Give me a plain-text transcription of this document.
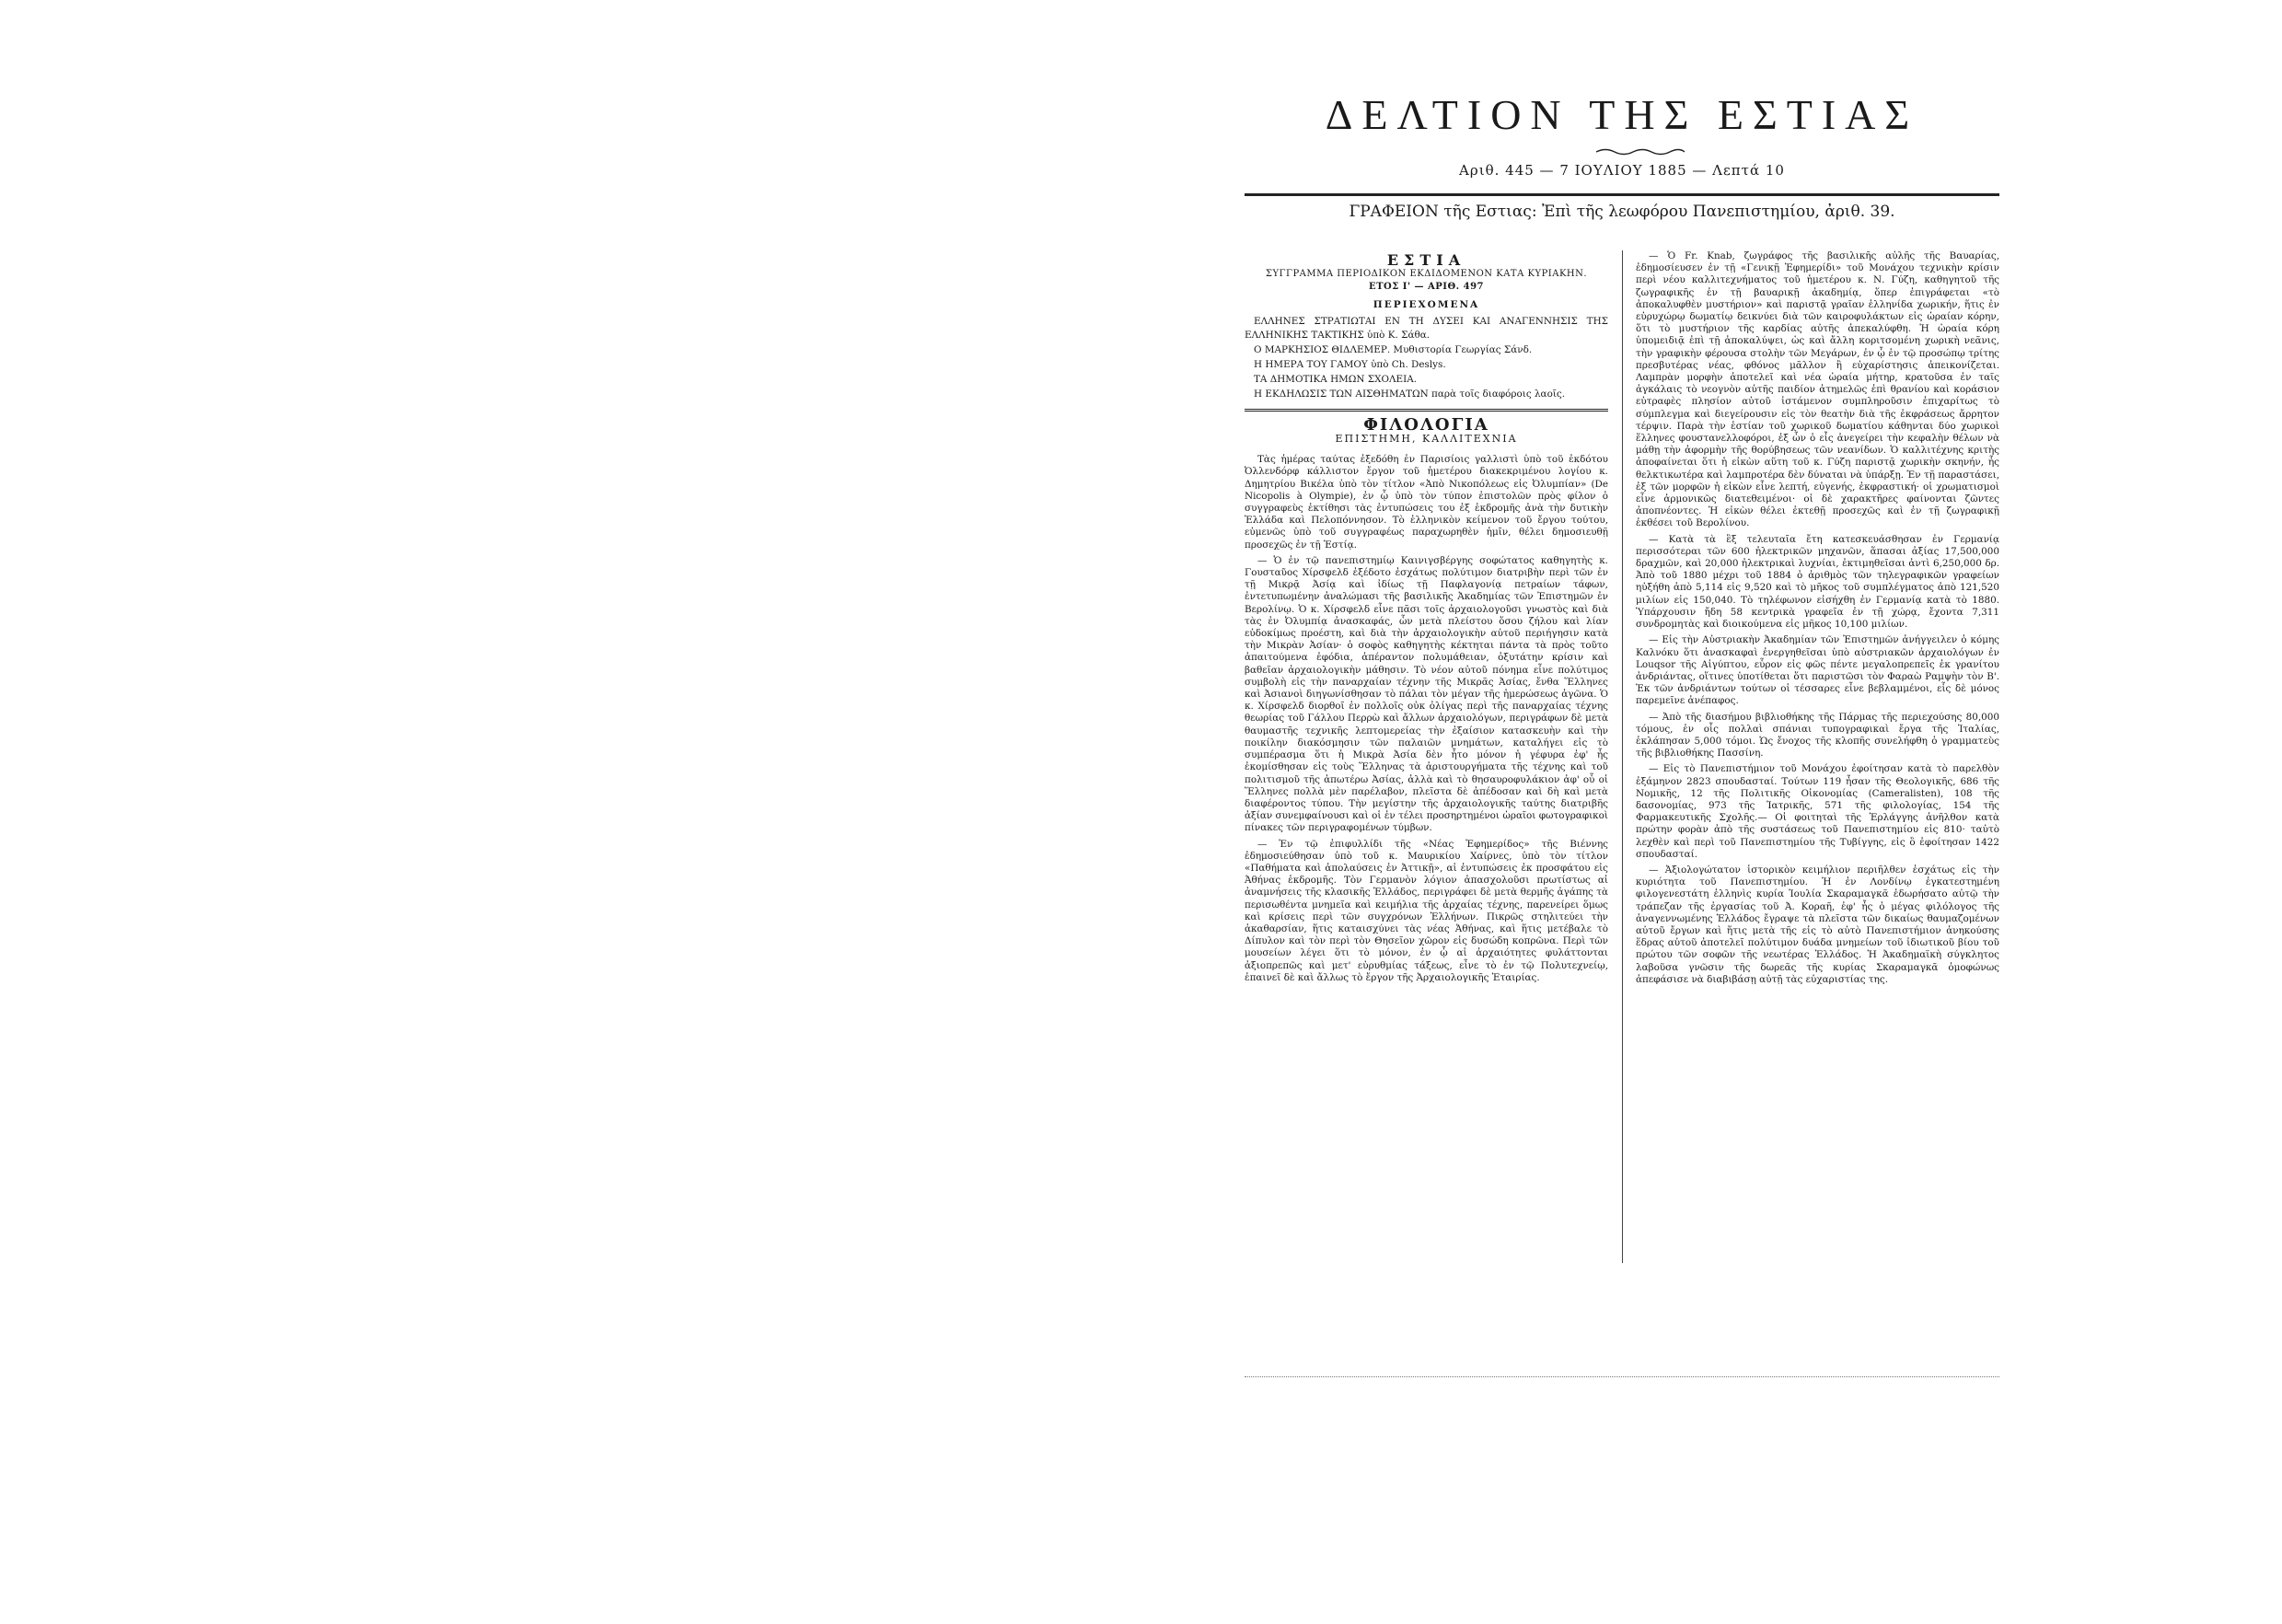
ΔΕΛΤΙΟΝ ΤΗΣ ΕΣΤΙΑΣ
Αριθ. 445 — 7 ΙΟΥΛΙΟΥ 1885 — Λεπτά 10
ΓΡΑΦΕΙΟΝ τῆς Εστιας: Ἐπὶ τῆς λεωφόρου Πανεπιστημίου, ἀριθ. 39.
ΕΣΤΙΑ
ΣΥΓΓΡΑΜΜΑ ΠΕΡΙΟΔΙΚΟΝ ΕΚΔΙΔΟΜΕΝΟΝ ΚΑΤΑ ΚΥΡΙΑΚΗΝ.
ΕΤΟΣ Ι' — ΑΡΙΘ. 497
ΠΕΡΙΕΧΟΜΕΝΑ
ΕΛΛΗΝΕΣ ΣΤΡΑΤΙΩΤΑΙ ΕΝ ΤΗ ΔΥΣΕΙ ΚΑΙ ΑΝΑΓΕΝΝΗΣΙΣ ΤΗΣ ΕΛΛΗΝΙΚΗΣ ΤΑΚΤΙΚΗΣ ὑπὸ Κ. Σάθα.
Ο ΜΑΡΚΗΣΙΟΣ ΘΙΔΛΕΜΕΡ. Μυθιστορία Γεωργίας Σάνδ.
Η ΗΜΕΡΑ ΤΟΥ ΓΑΜΟΥ ὑπὸ Ch. Deslys.
ΤΑ ΔΗΜΟΤΙΚΑ ΗΜΩΝ ΣΧΟΛΕΙΑ.
Η ΕΚΔΗΛΩΣΙΣ ΤΩΝ ΑΙΣΘΗΜΑΤΩΝ παρὰ τοῖς διαφόροις λαοῖς.
ΦΙΛΟΛΟΓΙΑ
ΕΠΙΣΤΗΜΗ, ΚΑΛΛΙΤΕΧΝΙΑ

Τὰς ἡμέρας ταύτας ἐξεδόθη ἐν Παρισίοις γαλλιστὶ ὑπὸ τοῦ ἐκδότου Ὀλλενδόρφ κάλλιστον ἔργον τοῦ ἡμετέρου διακεκριμένου λογίου κ. Δημητρίου Βικέλα ὑπὸ τὸν τίτλον «Ἀπὸ Νικοπόλεως εἰς Ὀλυμπίαν» (De Nicopolis à Olympie), ἐν ᾧ ὑπὸ τὸν τύπον ἐπιστολῶν πρὸς φίλον ὁ συγγραφεὺς ἐκτίθησι τὰς ἐντυπώσεις του ἐξ ἐκδρομῆς ἀνὰ τὴν δυτικὴν Ἑλλάδα καὶ Πελοπόννησον. Τὸ ἑλληνικὸν κείμενον τοῦ ἔργου τούτου, εὐμενῶς ὑπὸ τοῦ συγγραφέως παραχωρηθὲν ἡμῖν, θέλει δημοσιευθῇ προσεχῶς ἐν τῇ Ἑστίᾳ.

— Ὁ ἐν τῷ πανεπιστημίῳ Καινιγσβέργης σοφώτατος καθηγητὴς κ. Γουσταῦος Χίρσφελδ ἐξέδοτο ἐσχάτως πολύτιμον διατριβὴν περὶ τῶν ἐν τῇ Μικρᾷ Ἀσίᾳ καὶ ἰδίως τῇ Παφλαγονίᾳ πετραίων τάφων, ἐντετυπωμένην ἀναλώμασι τῆς βασιλικῆς Ἀκαδημίας τῶν Ἐπιστημῶν ἐν Βερολίνῳ. Ὁ κ. Χίρσφελδ εἶνε πᾶσι τοῖς ἀρχαιολογοῦσι γνωστὸς καὶ διὰ τὰς ἐν Ὀλυμπίᾳ ἀνασκαφάς, ὧν μετὰ πλείστου ὅσου ζήλου καὶ λίαν εὐδοκίμως προέστη, καὶ διὰ τὴν ἀρχαιολογικὴν αὐτοῦ περιήγησιν κατὰ τὴν Μικρὰν Ἀσίαν· ὁ σοφὸς καθηγητὴς κέκτηται πάντα τὰ πρὸς τοῦτο ἀπαιτούμενα ἐφόδια, ἀπέραντον πολυμάθειαν, ὀξυτάτην κρίσιν καὶ βαθεῖαν ἀρχαιολογικὴν μάθησιν. Τὸ νέον αὐτοῦ πόνημα εἶνε πολύτιμος συμβολὴ εἰς τὴν παναρχαίαν τέχνην τῆς Μικρᾶς Ἀσίας, ἔνθα Ἕλληνες καὶ Ἀσιανοὶ διηγωνίσθησαν τὸ πάλαι τὸν μέγαν τῆς ἡμερώσεως ἀγῶνα. Ὁ κ. Χίρσφελδ διορθοῖ ἐν πολλοῖς οὐκ ὀλίγας περὶ τῆς παναρχαίας τέχνης θεωρίας τοῦ Γάλλου Περρὼ καὶ ἄλλων ἀρχαιολόγων, περιγράφων δὲ μετὰ θαυμαστῆς τεχνικῆς λεπτομερείας τὴν ἐξαίσιον κατασκευὴν καὶ τὴν ποικίλην διακόσμησιν τῶν παλαιῶν μνημάτων, καταλήγει εἰς τὸ συμπέρασμα ὅτι ἡ Μικρὰ Ἀσία δὲν ἦτο μόνον ἡ γέφυρα ἐφ' ἧς ἐκομίσθησαν εἰς τοὺς Ἕλληνας τὰ ἀριστουργήματα τῆς τέχνης καὶ τοῦ πολιτισμοῦ τῆς ἀπωτέρω Ἀσίας, ἀλλὰ καὶ τὸ θησαυροφυλάκιον ἀφ' οὗ οἱ Ἕλληνες πολλὰ μὲν παρέλαβον, πλεῖστα δὲ ἀπέδοσαν καὶ δὴ καὶ μετὰ διαφέροντος τύπου. Τὴν μεγίστην τῆς ἀρχαιολογικῆς ταύτης διατριβῆς ἀξίαν συνεμφαίνουσι καὶ οἱ ἐν τέλει προσηρτημένοι ὡραῖοι φωτογραφικοὶ πίνακες τῶν περιγραφομένων τύμβων.

— Ἐν τῷ ἐπιφυλλίδι τῆς «Νέας Ἐφημερίδος» τῆς Βιέννης ἐδημοσιεύθησαν ὑπὸ τοῦ κ. Μαυρικίου Χαίρνες, ὑπὸ τὸν τίτλον «Παθήματα καὶ ἀπολαύσεις ἐν Ἀττικῇ», αἱ ἐντυπώσεις ἐκ προσφάτου εἰς Ἀθήνας ἐκδρομῆς. Τὸν Γερμανὸν λόγιον ἀπασχολοῦσι πρωτίστως αἱ ἀναμνήσεις τῆς κλασικῆς Ἑλλάδος, περιγράφει δὲ μετὰ θερμῆς ἀγάπης τὰ περισωθέντα μνημεῖα καὶ κειμήλια τῆς ἀρχαίας τέχνης, παρενείρει ὅμως καὶ κρίσεις περὶ τῶν συγχρόνων Ἑλλήνων. Πικρῶς στηλιτεύει τὴν ἀκαθαρσίαν, ἥτις καταισχύνει τὰς νέας Ἀθήνας, καὶ ἥτις μετέβαλε τὸ Δίπυλον καὶ τὸν περὶ τὸν Θησεῖον χῶρον εἰς δυσώδη κοπρῶνα. Περὶ τῶν μουσείων λέγει ὅτι τὸ μόνον, ἐν ᾧ αἱ ἀρχαιότητες φυλάττονται ἀξιοπρεπῶς καὶ μετ' εὐρυθμίας τάξεως, εἶνε τὸ ἐν τῷ Πολυτεχνείῳ, ἐπαινεῖ δὲ καὶ ἄλλως τὸ ἔργον τῆς Ἀρχαιολογικῆς Ἑταιρίας.

— Ὁ Fr. Knab, ζωγράφος τῆς βασιλικῆς αὐλῆς τῆς Βαυαρίας, ἐδημοσίευσεν ἐν τῇ «Γενικῇ Ἐφημερίδι» τοῦ Μονάχου τεχνικὴν κρίσιν περὶ νέου καλλιτεχνήματος τοῦ ἡμετέρου κ. Ν. Γύζη, καθηγητοῦ τῆς ζωγραφικῆς ἐν τῇ βαυαρικῇ ἀκαδημίᾳ, ὅπερ ἐπιγράφεται «τὸ ἀποκαλυφθὲν μυστήριον» καὶ παριστᾷ γραῖαν ἑλληνίδα χωρικήν, ἥτις ἐν εὐρυχώρῳ δωματίῳ δεικνύει διὰ τῶν καιροφυλάκτων εἰς ὡραίαν κόρην, ὅτι τὸ μυστήριον τῆς καρδίας αὐτῆς ἀπεκαλύφθη. Ἡ ὡραία κόρη ὑπομειδιᾷ ἐπὶ τῇ ἀποκαλύψει, ὡς καὶ ἄλλη κοριτσομένη χωρικὴ νεᾶνις, τὴν γραφικὴν φέρουσα στολὴν τῶν Μεγάρων, ἐν ᾧ ἐν τῷ προσώπῳ τρίτης πρεσβυτέρας νέας, φθόνος μᾶλλον ἢ εὐχαρίστησις ἀπεικονίζεται. Λαμπρὰν μορφὴν ἀποτελεῖ καὶ νέα ὡραία μήτηρ, κρατοῦσα ἐν ταῖς ἀγκάλαις τὸ νεογνὸν αὐτῆς παιδίον ἀτημελῶς ἐπὶ θρανίου καὶ κοράσιον εὐτραφὲς πλησίον αὐτοῦ ἱστάμενον συμπληροῦσιν ἐπιχαρίτως τὸ σύμπλεγμα καὶ διεγείρουσιν εἰς τὸν θεατὴν διὰ τῆς ἐκφράσεως ἄρρητον τέρψιν. Παρὰ τὴν ἑστίαν τοῦ χωρικοῦ δωματίου κάθηνται δύο χωρικοὶ ἕλληνες φουστανελλοφόροι, ἐξ ὧν ὁ εἷς ἀνεγείρει τὴν κεφαλὴν θέλων νὰ μάθῃ τὴν ἀφορμὴν τῆς θορύβησεως τῶν νεανίδων. Ὁ καλλιτέχνης κριτὴς ἀποφαίνεται ὅτι ἡ εἰκὼν αὕτη τοῦ κ. Γύζη παριστᾷ χωρικὴν σκηνήν, ἧς θελκτικωτέρα καὶ λαμπροτέρα δὲν δύναται νὰ ὑπάρξῃ. Ἐν τῇ παραστάσει, ἐξ τῶν μορφῶν ἡ εἰκὼν εἶνε λεπτή, εὐγενής, ἐκφραστική· οἱ χρωματισμοὶ εἶνε ἁρμονικῶς διατεθειμένοι· οἱ δὲ χαρακτῆρες φαίνονται ζῶντες ἀποπνέοντες. Ἡ εἰκὼν θέλει ἐκτεθῇ προσεχῶς καὶ ἐν τῇ ζωγραφικῇ ἐκθέσει τοῦ Βερολίνου.

— Κατὰ τὰ ἓξ τελευταῖα ἔτη κατεσκευάσθησαν ἐν Γερμανίᾳ περισσότεραι τῶν 600 ἠλεκτρικῶν μηχανῶν, ἅπασαι ἀξίας 17,500,000 δραχμῶν, καὶ 20,000 ἠλεκτρικαὶ λυχνίαι, ἐκτιμηθεῖσαι ἀντὶ 6,250,000 δρ. Ἀπὸ τοῦ 1880 μέχρι τοῦ 1884 ὁ ἀριθμὸς τῶν τηλεγραφικῶν γραφείων ηὐξήθη ἀπὸ 5,114 εἰς 9,520 καὶ τὸ μῆκος τοῦ συμπλέγματος ἀπὸ 121,520 μιλίων εἰς 150,040. Τὸ τηλέφωνον εἰσήχθη ἐν Γερμανίᾳ κατὰ τὸ 1880. Ὑπάρχουσιν ἤδη 58 κεντρικὰ γραφεῖα ἐν τῇ χώρᾳ, ἔχοντα 7,311 συνδρομητὰς καὶ διοικούμενα εἰς μῆκος 10,100 μιλίων.

— Εἰς τὴν Αὐστριακὴν Ἀκαδημίαν τῶν Ἐπιστημῶν ἀνήγγειλεν ὁ κόμης Καλνόκυ ὅτι ἀνασκαφαὶ ἐνεργηθεῖσαι ὑπὸ αὐστριακῶν ἀρχαιολόγων ἐν Louqsor τῆς Αἰγύπτου, εὗρον εἰς φῶς πέντε μεγαλοπρεπεῖς ἐκ γρανίτου ἀνδριάντας, οἵτινες ὑποτίθεται ὅτι παριστῶσι τὸν Φαραὼ Ραμψὴν τὸν Β'. Ἐκ τῶν ἀνδριάντων τούτων οἱ τέσσαρες εἶνε βεβλαμμένοι, εἷς δὲ μόνος παρεμεῖνε ἀνέπαφος.

— Ἀπὸ τῆς διασήμου βιβλιοθήκης τῆς Πάρμας τῆς περιεχούσης 80,000 τόμους, ἐν οἷς πολλαὶ σπάνιαι τυπογραφικαὶ ἔργα τῆς Ἰταλίας, ἐκλάπησαν 5,000 τόμοι. Ὡς ἔνοχος τῆς κλοπῆς συνελήφθη ὁ γραμματεὺς τῆς βιβλιοθήκης Πασσίνη.

— Εἰς τὸ Πανεπιστήμιον τοῦ Μονάχου ἐφοίτησαν κατὰ τὸ παρελθὸν ἐξάμηνον 2823 σπουδασταί. Τούτων 119 ἦσαν τῆς Θεολογικῆς, 686 τῆς Νομικῆς, 12 τῆς Πολιτικῆς Οἰκονομίας (Cameralisten), 108 τῆς δασονομίας, 973 τῆς Ἰατρικῆς, 571 τῆς φιλολογίας, 154 τῆς Φαρμακευτικῆς Σχολῆς.— Οἱ φοιτηταὶ τῆς Ἐρλάγγης ἀνῆλθον κατὰ πρώτην φορὰν ἀπὸ τῆς συστάσεως τοῦ Πανεπιστημίου εἰς 810· ταὐτὸ λεχθὲν καὶ περὶ τοῦ Πανεπιστημίου τῆς Τυβίγγης, εἰς ὃ ἐφοίτησαν 1422 σπουδασταί.

— Ἀξιολογώτατον ἱστορικὸν κειμήλιον περιῆλθεν ἐσχάτως εἰς τὴν κυριότητα τοῦ Πανεπιστημίου. Ἡ ἐν Λονδίνῳ ἐγκατεστημένη φιλογενεστάτη ἑλληνὶς κυρία Ἰουλία Σκαραμαγκᾶ ἐδωρήσατο αὐτῷ τὴν τράπεζαν τῆς ἐργασίας τοῦ Ἀ. Κοραῆ, ἐφ' ἧς ὁ μέγας φιλόλογος τῆς ἀναγεννωμένης Ἑλλάδος ἔγραψε τὰ πλεῖστα τῶν δικαίως θαυμαζομένων αὐτοῦ ἔργων καὶ ἥτις μετὰ τῆς εἰς τὸ αὐτὸ Πανεπιστήμιον ἀνηκούσης ἕδρας αὐτοῦ ἀποτελεῖ πολύτιμον δυάδα μνημείων τοῦ ἰδιωτικοῦ βίου τοῦ πρώτου τῶν σοφῶν τῆς νεωτέρας Ἑλλάδος. Ἡ Ἀκαδημαϊκὴ σύγκλητος λαβοῦσα γνῶσιν τῆς δωρεᾶς τῆς κυρίας Σκαραμαγκᾶ ὁμοφώνως ἀπεφάσισε νὰ διαβιβάσῃ αὐτῇ τὰς εὐχαριστίας της.
